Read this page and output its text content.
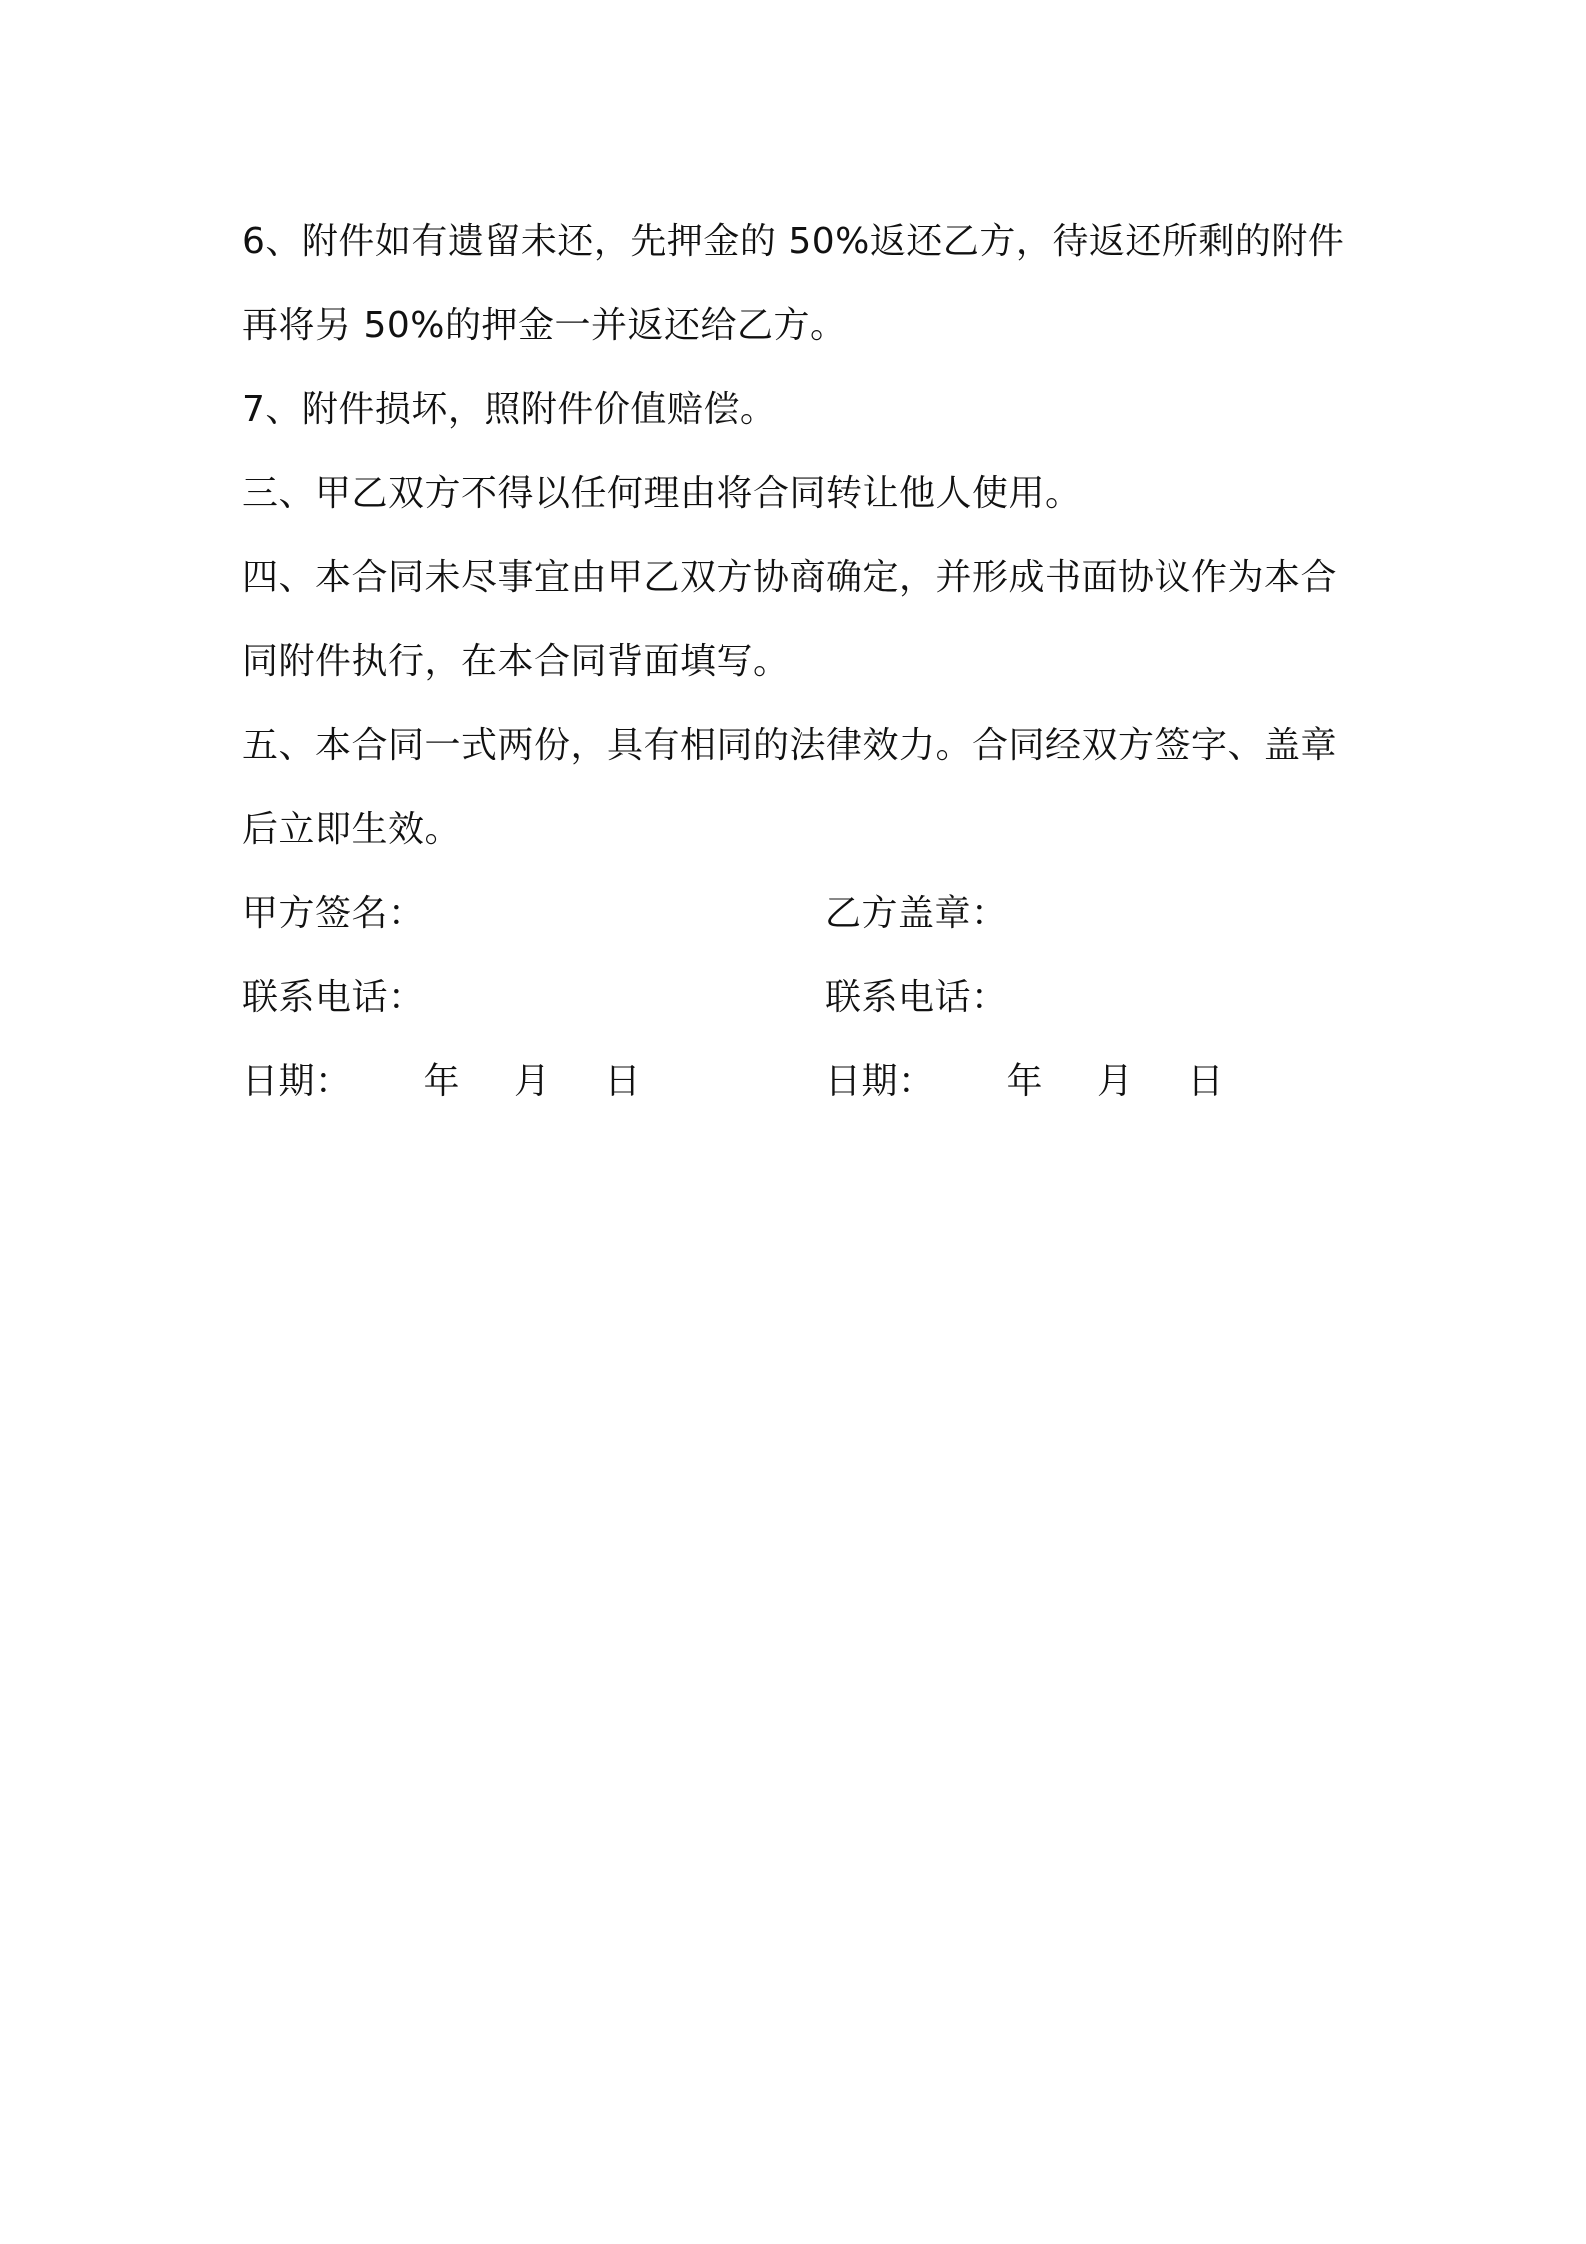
6、附件如有遗留未还，先押金的 50%返还乙方，待返还所剩的附件
再将另 50%的押金一并返还给乙方。
7、附件损坏，照附件价值赔偿。
三、甲乙双方不得以任何理由将合同转让他人使用。
四、本合同未尽事宜由甲乙双方协商确定，并形成书面协议作为本合
同附件执行，在本合同背面填写。
五、本合同一式两份，具有相同的法律效力。合同经双方签字、盖章
后立即生效。
甲方签名：	乙方盖章：
联系电话：	联系电话：
日期： 年 月 日	日期： 年 月 日
